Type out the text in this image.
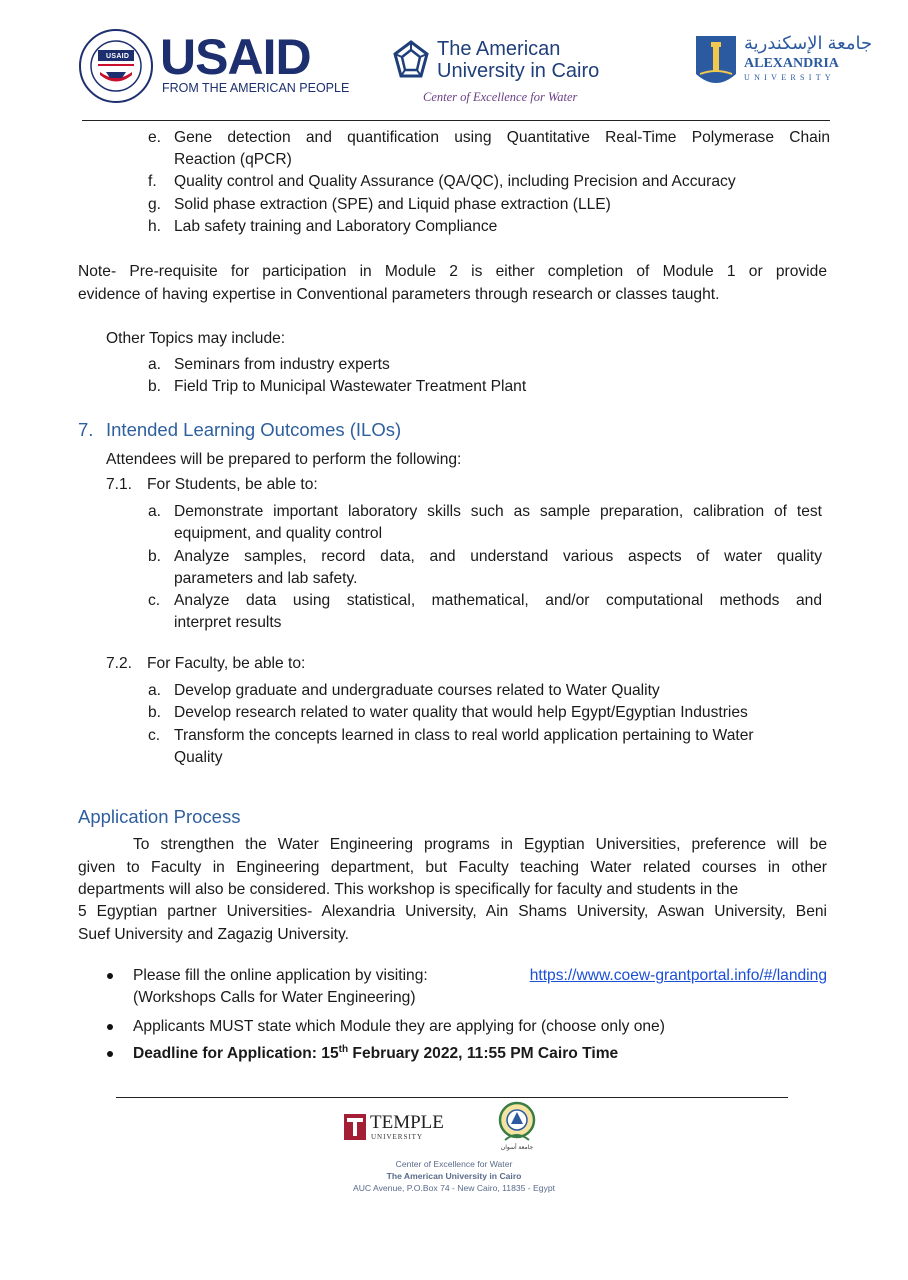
USAID USAID
FROM THE AMERICAN PEOPLE
The American
University in Cairo
Center of Excellence for Water
جامعة الإسكندرية
ALEXANDRIA
UNIVERSITY
e. Gene detection and quantification using Quantitative Real-Time Polymerase Chain
Reaction (qPCR)
f. Quality control and Quality Assurance (QA/QC), including Precision and Accuracy
g. Solid phase extraction (SPE) and Liquid phase extraction (LLE)
h. Lab safety training and Laboratory Compliance
Note- Pre-requisite for participation in Module 2 is either completion of Module 1 or provide
evidence of having expertise in Conventional parameters through research or classes taught.
Other Topics may include:
a. Seminars from industry experts
b. Field Trip to Municipal Wastewater Treatment Plant
7. Intended Learning Outcomes (ILOs)
Attendees will be prepared to perform the following:
7.1. For Students, be able to:
a. Demonstrate important laboratory skills such as sample preparation, calibration of test
equipment, and quality control
b. Analyze samples, record data, and understand various aspects of water quality
parameters and lab safety.
c. Analyze data using statistical, mathematical, and/or computational methods and
interpret results
7.2. For Faculty, be able to:
a. Develop graduate and undergraduate courses related to Water Quality
b. Develop research related to water quality that would help Egypt/Egyptian Industries
c. Transform the concepts learned in class to real world application pertaining to Water
Quality
Application Process
To strengthen the Water Engineering programs in Egyptian Universities, preference will be
given to Faculty in Engineering department, but Faculty teaching Water related courses in other
departments will also be considered. This workshop is specifically for faculty and students in the
5 Egyptian partner Universities- Alexandria University, Ain Shams University, Aswan University, Beni
Suef University and Zagazig University.
Please fill the online application by visiting:	https://www.coew-grantportal.info/#/landing
(Workshops Calls for Water Engineering)
Applicants MUST state which Module they are applying for (choose only one)
Deadline for Application: 15th February 2022, 11:55 PM Cairo Time
TEMPLE
UNIVERSITY
جامعة أسوان
Center of Excellence for Water
The American University in Cairo
AUC Avenue, P.O.Box 74 - New Cairo, 11835 - Egypt
